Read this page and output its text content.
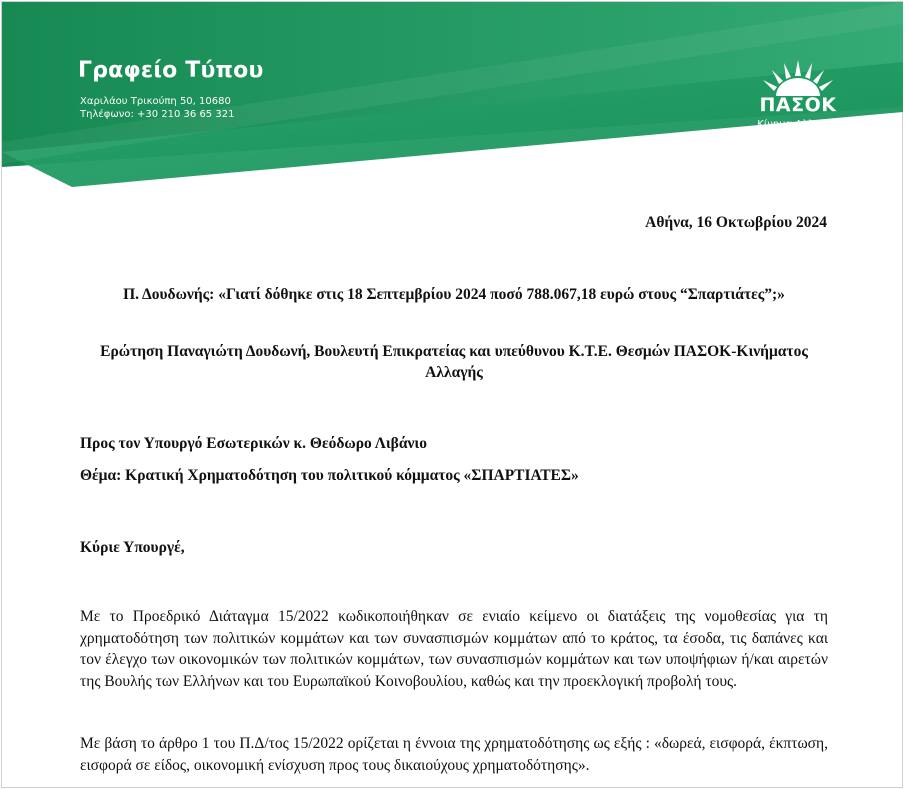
Γραφείο Τύπου
Χαριλάου Τρικούπη 50, 10680
Τηλέφωνο: +30 210 36 65 321	ΠΑΣΟΚ
Κίνημα Αλλαγής
Αθήνα, 16 Οκτωβρίου 2024
Π. Δουδωνής: «Γιατί δόθηκε στις 18 Σεπτεμβρίου 2024 ποσό 788.067,18 ευρώ στους “Σπαρτιάτες”;»
Ερώτηση Παναγιώτη Δουδωνή, Βουλευτή Επικρατείας και υπεύθυνου Κ.Τ.Ε. Θεσμών ΠΑΣΟΚ-Κινήματος Αλλαγής
Προς τον Υπουργό Εσωτερικών κ. Θεόδωρο Λιβάνιο
Θέμα: Κρατική Χρηματοδότηση του πολιτικού κόμματος «ΣΠΑΡΤΙΑΤΕΣ»
Κύριε Υπουργέ,
Με το Προεδρικό Διάταγμα 15/2022 κωδικοποιήθηκαν σε ενιαίο κείμενο οι διατάξεις της νομοθεσίας για τη χρηματοδότηση των πολιτικών κομμάτων και των συνασπισμών κομμάτων από το κράτος, τα έσοδα, τις δαπάνες και τον έλεγχο των οικονομικών των πολιτικών κομμάτων, των συνασπισμών κομμάτων και των υποψήφιων ή/και αιρετών της Βουλής των Ελλήνων και του Ευρωπαϊκού Κοινοβουλίου, καθώς και την προεκλογική προβολή τους.
Με βάση το άρθρο 1 του Π.Δ/τος 15/2022 ορίζεται η έννοια της χρηματοδότησης ως εξής : «δωρεά, εισφορά, έκπτωση, εισφορά σε είδος, οικονομική ενίσχυση προς τους δικαιούχους χρηματοδότησης».
